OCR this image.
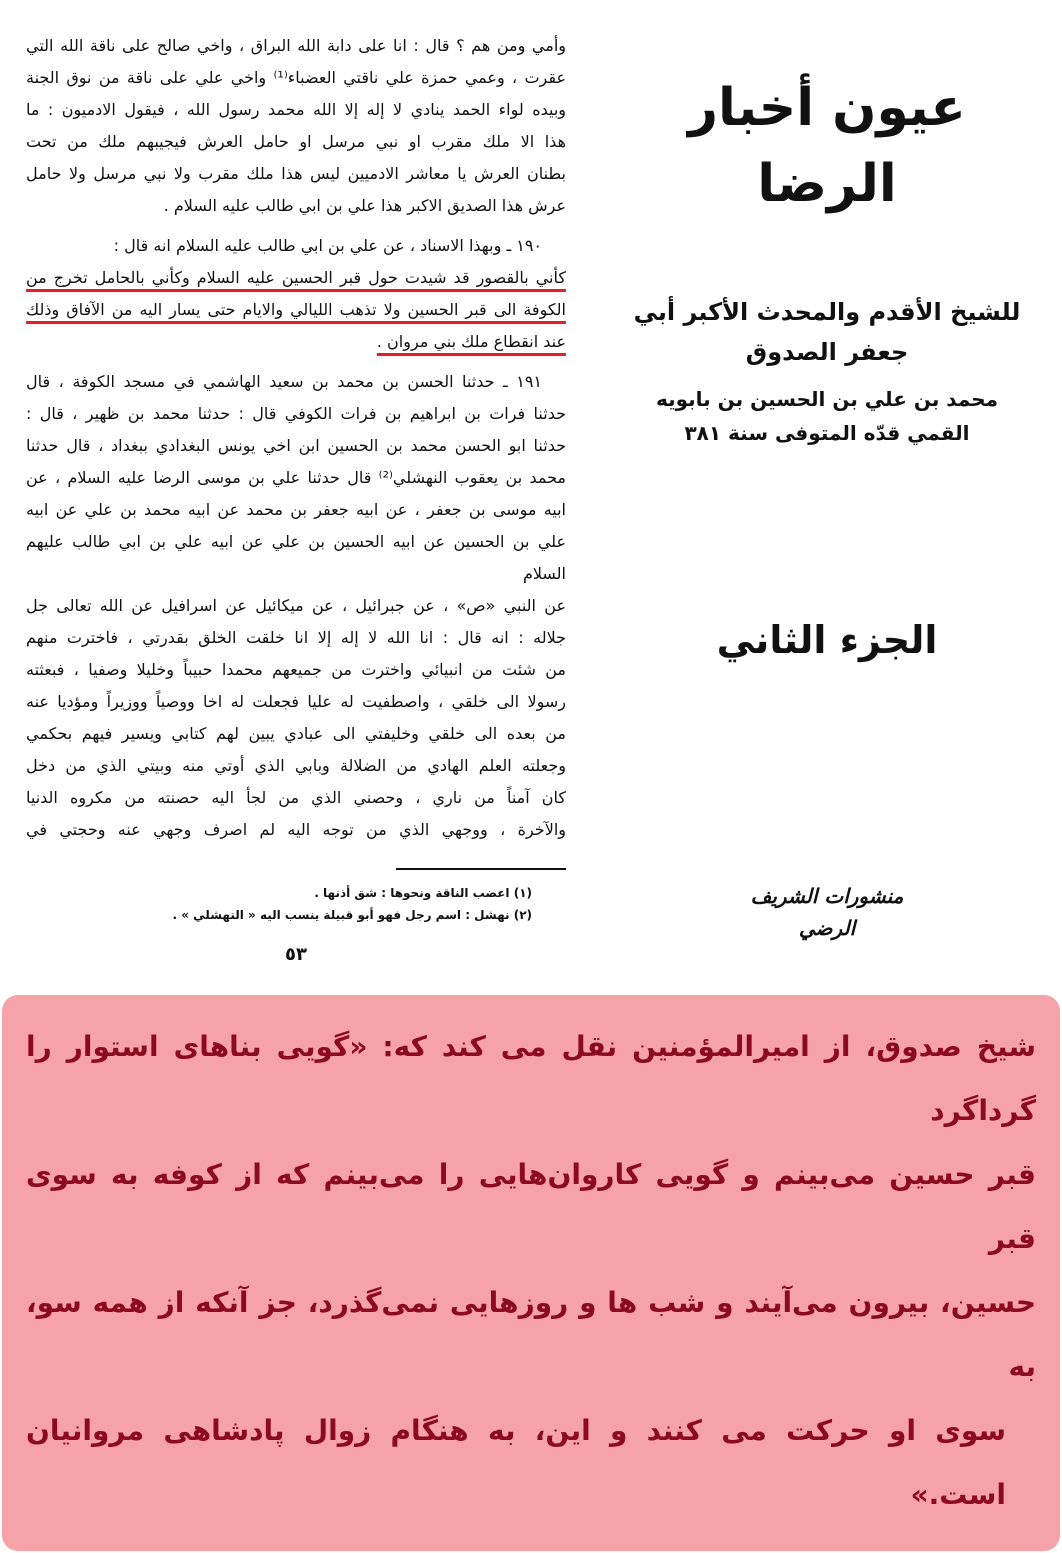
وأمي ومن هم ؟ قال : انا على دابة الله البراق ، واخي صالح على ناقة الله التي
عقرت ، وعمي حمزة علي ناقتي العضباء⁽¹⁾ واخي علي على ناقة من نوق الجنة
وبيده لواء الحمد ينادي لا إله إلا الله محمد رسول الله ، فيقول الادميون : ما
هذا الا ملك مقرب او نبي مرسل او حامل العرش فيجيبهم ملك من تحت
بطنان العرش يا معاشر الادميين ليس هذا ملك مقرب ولا نبي مرسل ولا حامل
عرش هذا الصديق الاكبر هذا علي بن ابي طالب عليه السلام .
١٩٠ ـ وبهذا الاسناد ، عن علي بن ابي طالب عليه السلام انه قال :
كأني بالقصور قد شيدت حول قبر الحسين عليه السلام وكأني بالحامل تخرج من
الكوفة الى قبر الحسين ولا تذهب الليالي والايام حتى يسار اليه من الآفاق وذلك
عند انقطاع ملك بني مروان .
١٩١ ـ حدثنا الحسن بن محمد بن سعيد الهاشمي في مسجد الكوفة ، قال
حدثنا فرات بن ابراهيم بن فرات الكوفي قال : حدثنا محمد بن ظهير ، قال :
حدثنا ابو الحسن محمد بن الحسين ابن اخي يونس البغدادي ببغداد ، قال حدثنا
محمد بن يعقوب النهشلي⁽²⁾ قال حدثنا علي بن موسى الرضا عليه السلام ، عن
ابيه موسى بن جعفر ، عن ابيه جعفر بن محمد عن ابيه محمد بن علي عن ابيه
علي بن الحسين عن ابيه الحسين بن علي عن ابيه علي بن ابي طالب عليهم السلام
عن النبي «ص» ، عن جبرائيل ، عن ميكائيل عن اسرافيل عن الله تعالى جل
جلاله : انه قال : انا الله لا إله إلا انا خلقت الخلق بقدرتي ، فاخترت منهم
من شئت من انبيائي واخترت من جميعهم محمدا حبيباً وخليلا وصفيا ، فبعثته
رسولا الى خلقي ، واصطفيت له عليا فجعلت له اخا ووصياً ووزيراً ومؤديا عنه
من بعده الى خلقي وخليفتي الى عبادي يبين لهم كتابي ويسير فيهم بحكمي
وجعلته العلم الهادي من الضلالة وبابي الذي أوتي منه وبيتي الذي من دخل
كان آمناً من ناري ، وحصني الذي من لجأ اليه حصنته من مكروه الدنيا
والآخرة ، ووجهي الذي من توجه اليه لم اصرف وجهي عنه وحجتي في
(١) اعضب الناقة ونحوها : شق أذنها .
(٢) نهشل : اسم رجل فهو أبو قبيلة ينسب اليه « النهشلي » .
٥٣
عيون أخبار الرضا
للشيخ الأقدم والمحدث الأكبر أبي جعفر الصدوق
محمد بن علي بن الحسين بن بابويه القمي قدّه المتوفى سنة ٣٨١
الجزء الثاني
منشورات الشريف الرضي
شیخ صدوق، از امیرالمؤمنین نقل می کند که: «گویی بناهای استوار را گرداگرد
قبر حسین می‌بینم و گویی کاروان‌هایی را می‌بینم که از کوفه به سوی قبر
حسین، بیرون می‌آیند و شب ها و روزهایی نمی‌گذرد، جز آنکه از همه سو، به
سوی او حرکت می کنند و این، به هنگام زوال پادشاهی مروانیان است.»
